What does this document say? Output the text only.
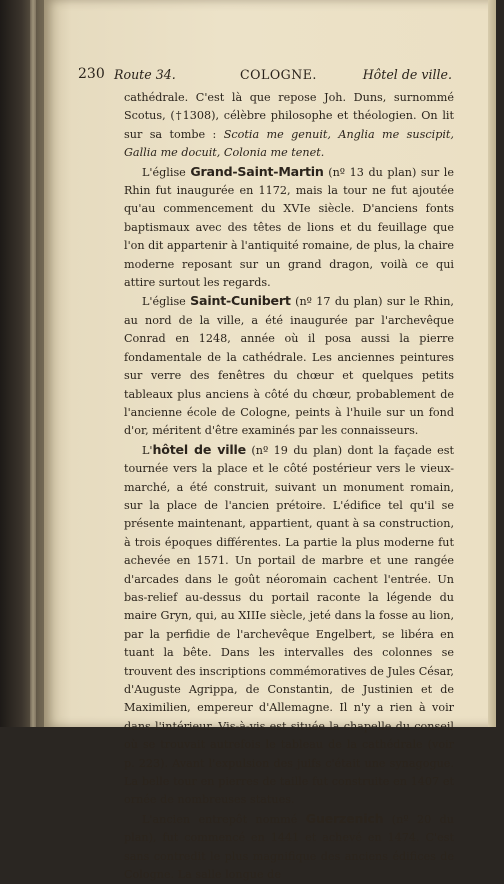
230 Route 34.	COLOGNE.	Hôtel de ville.

cathédrale. C'est là que repose Joh. Duns, surnommé Scotus, (†1308), célèbre philosophe et théologien. On lit sur sa tombe : Scotia me genuit, Anglia me suscipit, Gallia me docuit, Colonia me tenet.

L'église Grand-Saint-Martin (nº 13 du plan) sur le Rhin fut inaugurée en 1172, mais la tour ne fut ajoutée qu'au commencement du XVIe siècle. D'anciens fonts baptismaux avec des têtes de lions et du feuillage que l'on dit appartenir à l'antiquité romaine, de plus, la chaire moderne reposant sur un grand dragon, voilà ce qui attire surtout les regards.

L'église Saint-Cunibert (nº 17 du plan) sur le Rhin, au nord de la ville, a été inaugurée par l'archevêque Conrad en 1248, année où il posa aussi la pierre fondamentale de la cathédrale. Les anciennes peintures sur verre des fenêtres du chœur et quelques petits tableaux plus anciens à côté du chœur, probablement de l'ancienne école de Cologne, peints à l'huile sur un fond d'or, méritent d'être examinés par les connaisseurs.

L'hôtel de ville (nº 19 du plan) dont la façade est tournée vers la place et le côté postérieur vers le vieux-marché, a été construit, suivant un monument romain, sur la place de l'ancien prétoire. L'édifice tel qu'il se présente maintenant, appartient, quant à sa construction, à trois époques différentes. La partie la plus moderne fut achevée en 1571. Un portail de marbre et une rangée d'arcades dans le goût néoromain cachent l'entrée. Un bas-relief au-dessus du portail raconte la légende du maire Gryn, qui, au XIIIe siècle, jeté dans la fosse au lion, par la perfidie de l'archevêque Engelbert, se libéra en tuant la bête. Dans les intervalles des colonnes se trouvent des inscriptions commémoratives de Jules César, d'Auguste Agrippa, de Constantin, de Justinien et de Maximilien, empereur d'Allemagne. Il n'y a rien à voir dans l'intérieur. Vis-à-vis est située la chapelle du conseil où se trouvait autrefois le tableau de la cathédrale (voir p. 223). Avant l'expulsion des juifs c'était une synagogue. La belle tour en pierres de taille fut construite en 1407 et ornée de nombreuses statues.

L'ancien entrepôt nommé Guerzenich (nº 20 du plan), fut commencé en 1441 et achevé en 1474. C'est sans contredit le plus magnifique des anciens édifices de Cologne. La salle longue de
